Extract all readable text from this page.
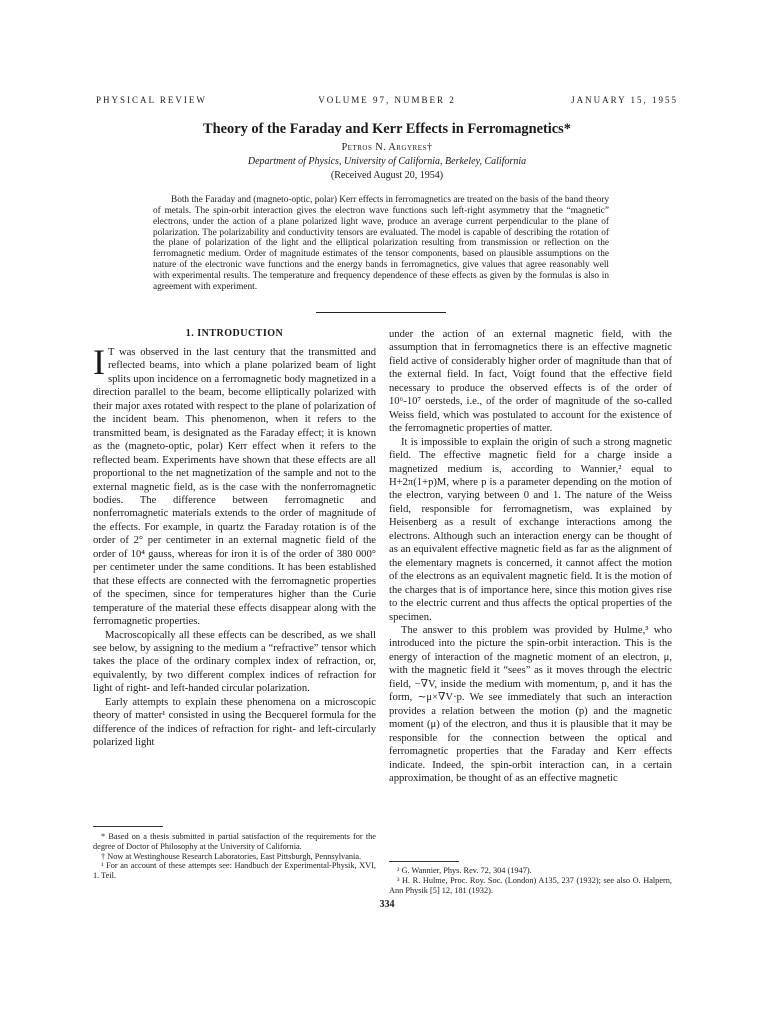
PHYSICAL REVIEW	VOLUME 97, NUMBER 2	JANUARY 15, 1955
Theory of the Faraday and Kerr Effects in Ferromagnetics*
Petros N. Argyres†
Department of Physics, University of California, Berkeley, California
(Received August 20, 1954)

Both the Faraday and (magneto-optic, polar) Kerr effects in ferromagnetics are treated on the basis of the band theory of metals. The spin-orbit interaction gives the electron wave functions such left-right asymmetry that the “magnetic” electrons, under the action of a plane polarized light wave, produce an average current perpendicular to the plane of polarization. The polarizability and conductivity tensors are evaluated. The model is capable of describing the rotation of the plane of polarization of the light and the elliptical polarization resulting from transmission or reflection on the ferromagnetic medium. Order of magnitude estimates of the tensor components, based on plausible assumptions on the nature of the electronic wave functions and the energy bands in ferromagnetics, give values that agree reasonably well with experimental results. The temperature and frequency dependence of these effects as given by the formulas is also in agreement with experiment.

1. INTRODUCTION

I T was observed in the last century that the transmitted and reflected beams, into which a plane polarized beam of light splits upon incidence on a ferromagnetic body magnetized in a direction parallel to the beam, become elliptically polarized with their major axes rotated with respect to the plane of polarization of the incident beam. This phenomenon, when it refers to the transmitted beam, is designated as the Faraday effect; it is known as the (magneto-optic, polar) Kerr effect when it refers to the reflected beam. Experiments have shown that these effects are all proportional to the net magnetization of the sample and not to the external magnetic field, as is the case with the nonferromagnetic bodies. The difference between ferromagnetic and nonferromagnetic materials extends to the order of magnitude of the effects. For example, in quartz the Faraday rotation is of the order of 2° per centimeter in an external magnetic field of the order of 10⁴ gauss, whereas for iron it is of the order of 380 000° per centimeter under the same conditions. It has been established that these effects are connected with the ferromagnetic properties of the specimen, since for temperatures higher than the Curie temperature of the material these effects disappear along with the ferromagnetic properties.

Macroscopically all these effects can be described, as we shall see below, by assigning to the medium a “refractive” tensor which takes the place of the ordinary complex index of refraction, or, equivalently, by two different complex indices of refraction for light of right- and left-handed circular polarization.

Early attempts to explain these phenomena on a microscopic theory of matter¹ consisted in using the Becquerel formula for the difference of the indices of refraction for right- and left-circularly polarized light

under the action of an external magnetic field, with the assumption that in ferromagnetics there is an effective magnetic field active of considerably higher order of magnitude than that of the external field. In fact, Voigt found that the effective field necessary to produce the observed effects is of the order of 10⁶-10⁷ oersteds, i.e., of the order of magnitude of the so-called Weiss field, which was postulated to account for the existence of the ferromagnetic properties of matter.

It is impossible to explain the origin of such a strong magnetic field. The effective magnetic field for a charge inside a magnetized medium is, according to Wannier,² equal to H+2π(1+p)M, where p is a parameter depending on the motion of the electron, varying between 0 and 1. The nature of the Weiss field, responsible for ferromagnetism, was explained by Heisenberg as a result of exchange interactions among the electrons. Although such an interaction energy can be thought of as an equivalent effective magnetic field as far as the alignment of the elementary magnets is concerned, it cannot affect the motion of the electrons as an equivalent magnetic field. It is the motion of the charges that is of importance here, since this motion gives rise to the electric current and thus affects the optical properties of the specimen.

The answer to this problem was provided by Hulme,³ who introduced into the picture the spin-orbit interaction. This is the energy of interaction of the magnetic moment of an electron, μ, with the magnetic field it “sees” as it moves through the electric field, −∇V, inside the medium with momentum, p, and it has the form, ∼μ×∇V·p. We see immediately that such an interaction provides a relation between the motion (p) and the magnetic moment (μ) of the electron, and thus it is plausible that it may be responsible for the connection between the optical and ferromagnetic properties that the Faraday and Kerr effects indicate. Indeed, the spin-orbit interaction can, in a certain approximation, be thought of as an effective magnetic

* Based on a thesis submitted in partial satisfaction of the requirements for the degree of Doctor of Philosophy at the University of California.

† Now at Westinghouse Research Laboratories, East Pittsburgh, Pennsylvania.

¹ For an account of these attempts see: Handbuch der Experimental-Physik, XVI, 1. Teil.

² G. Wannier, Phys. Rev. 72, 304 (1947).

³ H. R. Hulme, Proc. Roy. Soc. (London) A135, 237 (1932); see also O. Halpern, Ann Physik [5] 12, 181 (1932).

334
